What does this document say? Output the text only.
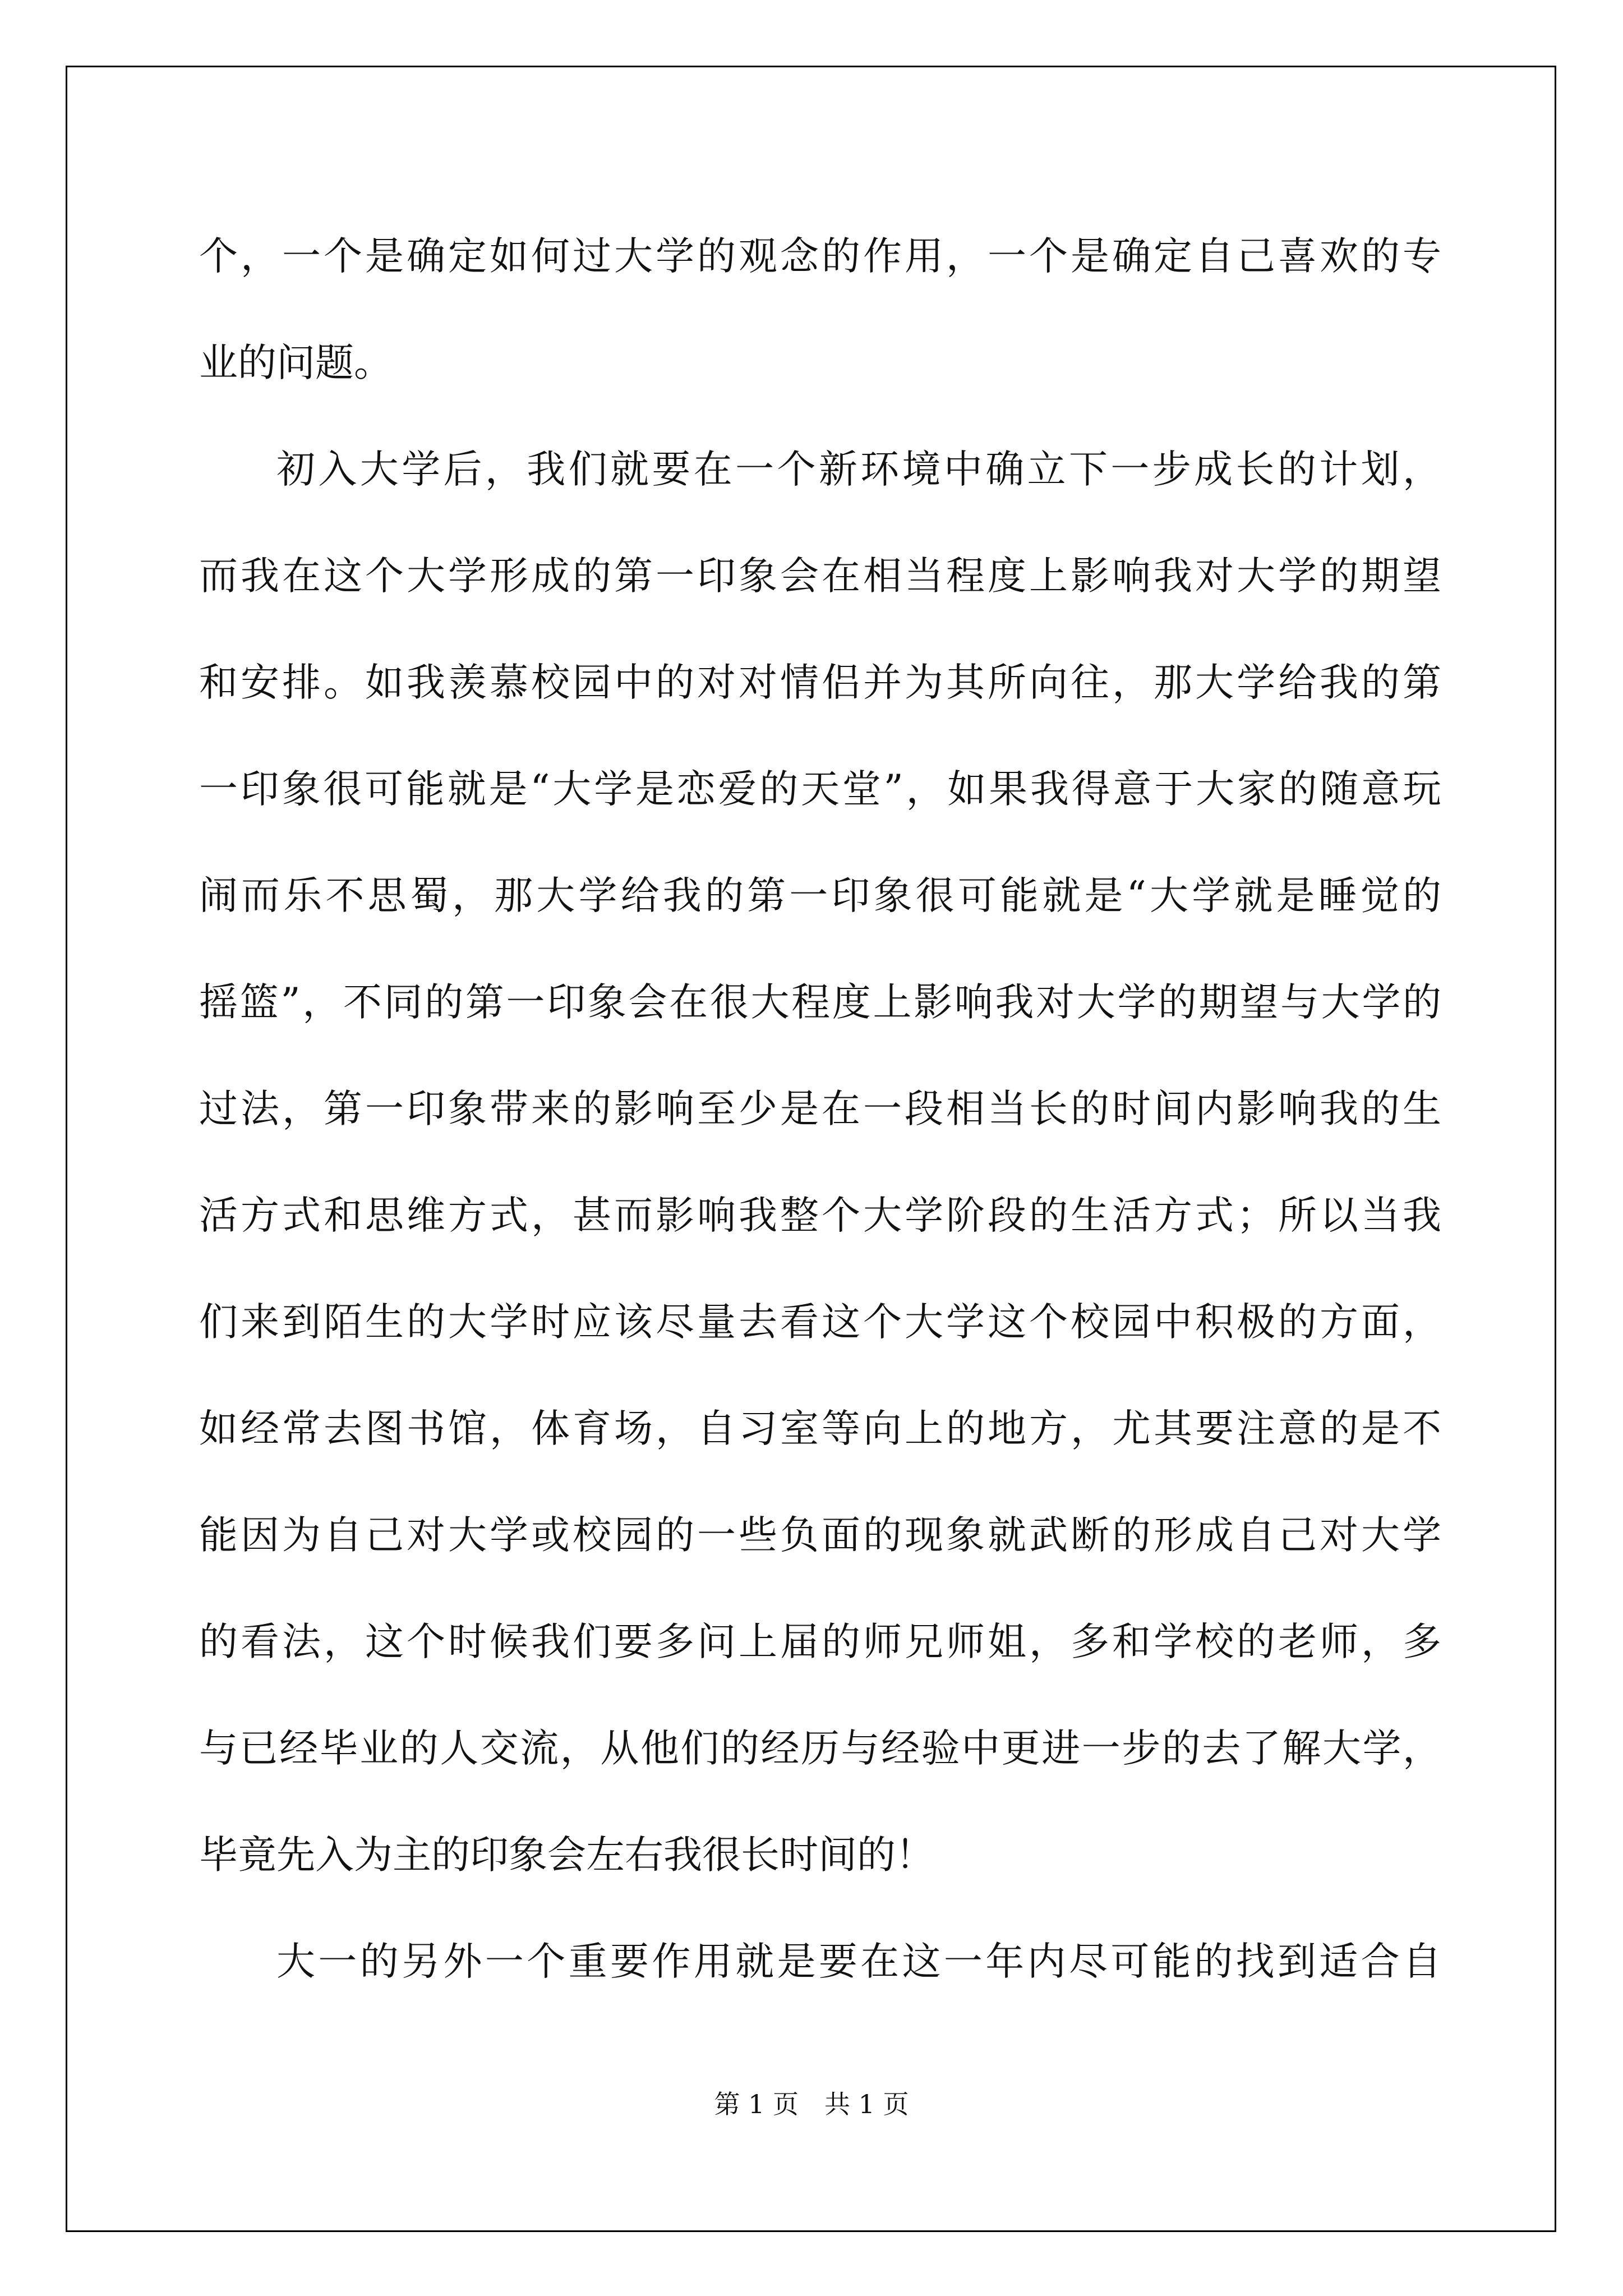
个，一个是确定如何过大学的观念的作用，一个是确定自己喜欢的专
业的问题。
初入大学后，我们就要在一个新环境中确立下一步成长的计划，
而我在这个大学形成的第一印象会在相当程度上影响我对大学的期望
和安排。如我羡慕校园中的对对情侣并为其所向往，那大学给我的第
一印象很可能就是“大学是恋爱的天堂”，如果我得意于大家的随意玩
闹而乐不思蜀，那大学给我的第一印象很可能就是“大学就是睡觉的
摇篮”，不同的第一印象会在很大程度上影响我对大学的期望与大学的
过法，第一印象带来的影响至少是在一段相当长的时间内影响我的生
活方式和思维方式，甚而影响我整个大学阶段的生活方式；所以当我
们来到陌生的大学时应该尽量去看这个大学这个校园中积极的方面，
如经常去图书馆，体育场，自习室等向上的地方，尤其要注意的是不
能因为自己对大学或校园的一些负面的现象就武断的形成自己对大学
的看法，这个时候我们要多问上届的师兄师姐，多和学校的老师，多
与已经毕业的人交流，从他们的经历与经验中更进一步的去了解大学，
毕竟先入为主的印象会左右我很长时间的！
大一的另外一个重要作用就是要在这一年内尽可能的找到适合自
第 1 页　共 1 页
